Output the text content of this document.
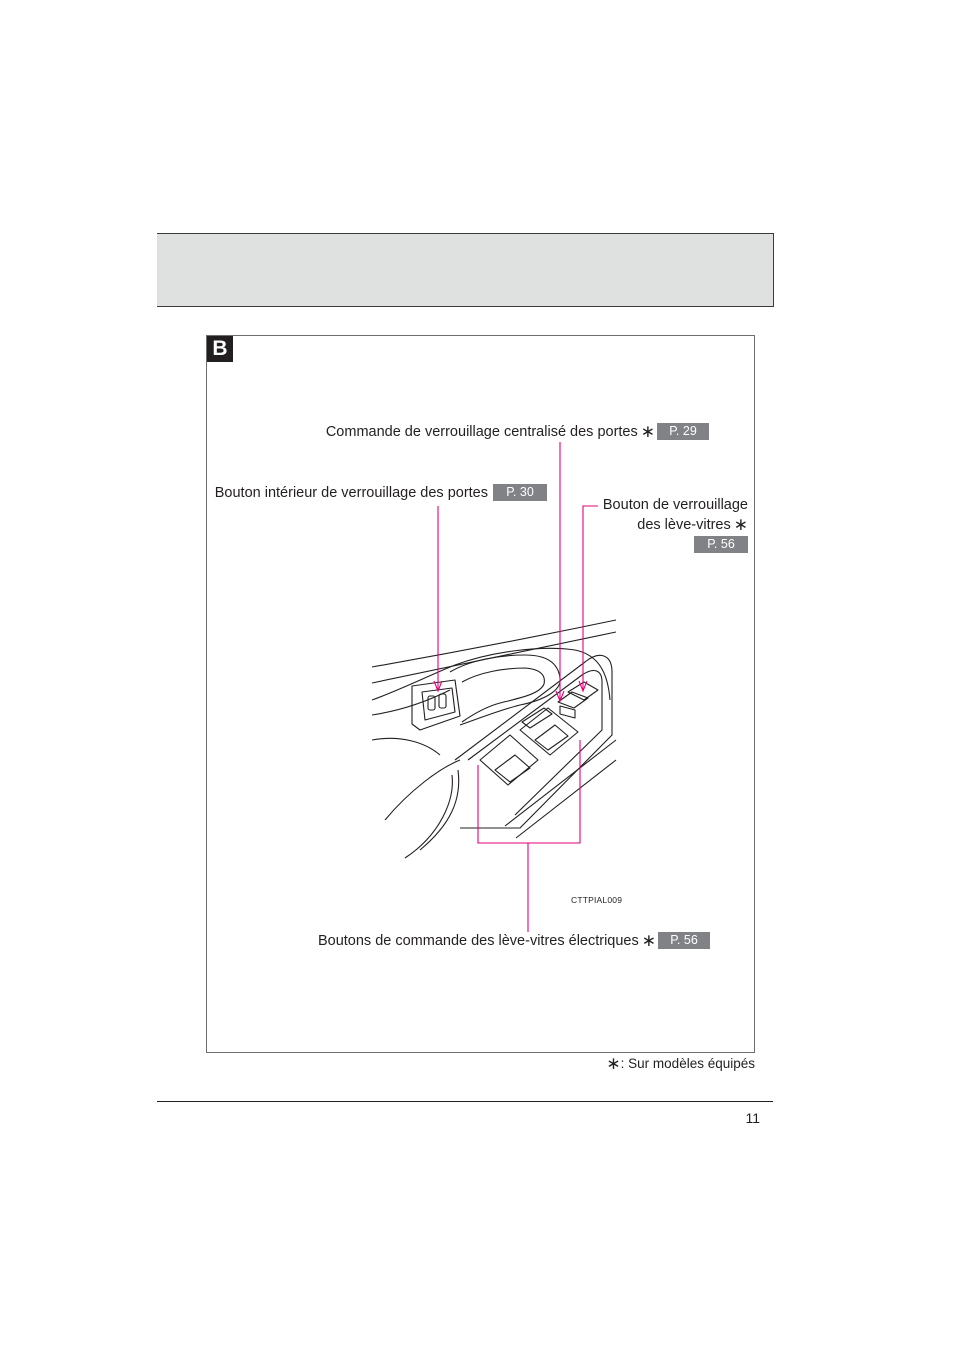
B
Commande de verrouillage centralisé des portes ∗	P. 29
Bouton intérieur de verrouillage des portes	P. 30
Bouton de verrouillage
des lève-vitres ∗
P. 56
CTTPIAL009
Boutons de commande des lève-vitres électriques ∗	P. 56
∗: Sur modèles équipés
11
